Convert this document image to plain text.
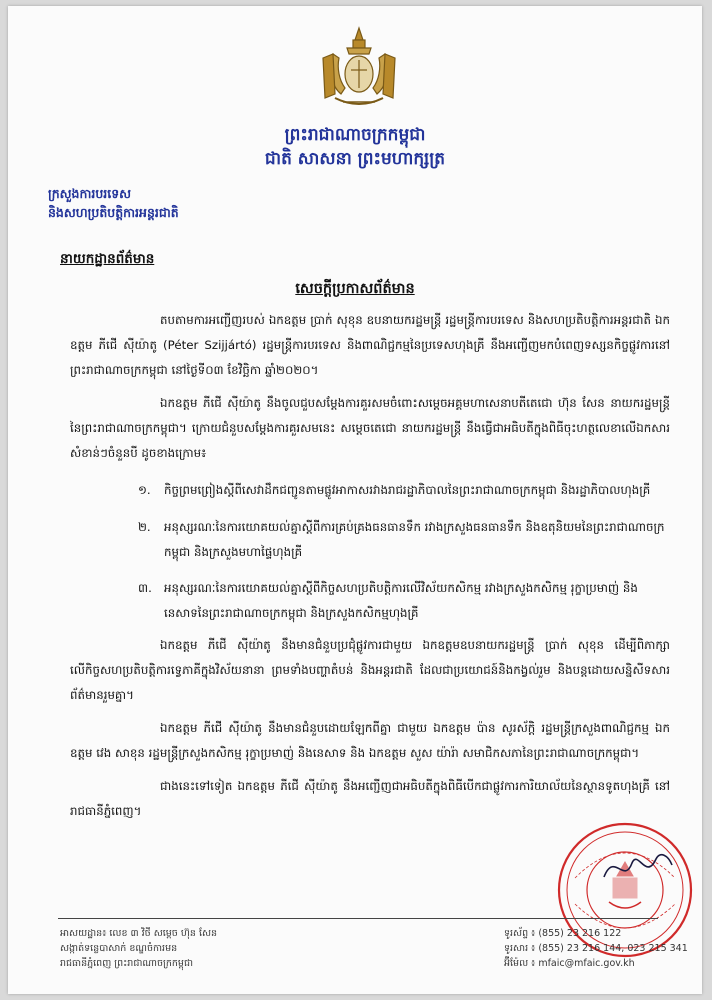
ព្រះរាជាណាចក្រកម្ពុជា
ជាតិ សាសនា ព្រះមហាក្សត្រ
ក្រសួងការបរទេស
និងសហប្រតិបត្តិការអន្តរជាតិ
នាយកដ្ឋានព័ត៌មាន
សេចក្តីប្រកាសព័ត៌មាន

តបតាមការអញ្ជើញរបស់ ឯកឧត្តម ប្រាក់ សុខុន ឧបនាយករដ្ឋមន្ត្រី រដ្ឋមន្ត្រីការបរទេស និងសហប្រតិបត្តិការអន្តរជាតិ ឯកឧត្តម ភីជើ ស៊ីយ៉ាតូ (Péter Szijjártó) រដ្ឋមន្ត្រីការបរទេស និងពាណិជ្ជកម្មនៃប្រទេសហុងគ្រី នឹងអញ្ជើញមកបំពេញទស្សនកិច្ចផ្លូវការនៅព្រះរាជាណាចក្រកម្ពុជា នៅថ្ងៃទី០៣ ខែវិច្ឆិកា ឆ្នាំ២០២០។

ឯកឧត្តម ភីជើ ស៊ីយ៉ាតូ នឹងចូលជួបសម្តែងការគួរសមចំពោះសម្តេចអគ្គមហាសេនាបតីតេជោ ហ៊ុន សែន នាយករដ្ឋមន្ត្រីនៃព្រះរាជាណាចក្រកម្ពុជា។ ក្រោយជំនួបសម្តែងការគួរសមនេះ សម្តេចតេជោ នាយករដ្ឋមន្ត្រី នឹងធ្វើជាអធិបតីក្នុងពិធីចុះហត្ថលេខាលើឯកសារសំខាន់ៗចំនួនបី ដូចខាងក្រោម៖

១. កិច្ចព្រមព្រៀងស្តីពីសេវាដឹកជញ្ជូនតាមផ្លូវអាកាសរវាងរាជរដ្ឋាភិបាលនៃព្រះរាជាណាចក្រកម្ពុជា និងរដ្ឋាភិបាលហុងគ្រី

២. អនុស្សរណៈនៃការយោគយល់គ្នាស្តីពីការគ្រប់គ្រងធនធានទឹក រវាងក្រសួងធនធានទឹក និងឧតុនិយមនៃព្រះរាជាណាចក្រកម្ពុជា និងក្រសួងមហាផ្ទៃហុងគ្រី

៣. អនុស្សរណៈនៃការយោគយល់គ្នាស្តីពីកិច្ចសហប្រតិបត្តិការលើវិស័យកសិកម្ម រវាងក្រសួងកសិកម្ម រុក្ខាប្រមាញ់ និងនេសាទនៃព្រះរាជាណាចក្រកម្ពុជា និងក្រសួងកសិកម្មហុងគ្រី

ឯកឧត្តម ភីជើ ស៊ីយ៉ាតូ នឹងមានជំនួបប្រជុំផ្លូវការជាមួយ ឯកឧត្តមឧបនាយករដ្ឋមន្ត្រី ប្រាក់ សុខុន ដើម្បីពិភាក្សាលើកិច្ចសហប្រតិបត្តិការទ្វេភាគីក្នុងវិស័យនានា ព្រមទាំងបញ្ហាតំបន់ និងអន្តរជាតិ ដែលជាប្រយោជន៍និងកង្វល់រួម និងបន្តដោយសន្និសីទសារព័ត៌មានរួមគ្នា។

ឯកឧត្តម ភីជើ ស៊ីយ៉ាតូ នឹងមានជំនួបដោយឡែកពីគ្នា ជាមួយ ឯកឧត្តម ប៉ាន សូរស័ក្តិ រដ្ឋមន្ត្រីក្រសួងពាណិជ្ជកម្ម ឯកឧត្តម វេង សាខុន រដ្ឋមន្ត្រីក្រសួងកសិកម្ម រុក្ខាប្រមាញ់ និងនេសាទ និង ឯកឧត្តម សួស យ៉ារ៉ា សមាជិកសភានៃព្រះរាជាណាចក្រកម្ពុជា។

ជាងនេះទៅទៀត ឯកឧត្តម ភីជើ ស៊ីយ៉ាតូ នឹងអញ្ជើញជាអធិបតីក្នុងពិធីបើកជាផ្លូវការការិយាល័យនៃស្ថានទូតហុងគ្រី នៅរាជធានីភ្នំពេញ។

អាសយដ្ឋាន៖ លេខ ៣ វិថី សម្តេច ហ៊ុន សែន
សង្កាត់ទន្លេបាសាក់ ខណ្ឌចំការមន
រាជធានីភ្នំពេញ ព្រះរាជាណាចក្រកម្ពុជា
ទូរស័ព្ទ ៖ (855) 23 216 122
ទូរសារ ៖ (855) 23 216 144, 023 215 341
អ៊ីម៉ែល ៖ mfaic@mfaic.gov.kh
